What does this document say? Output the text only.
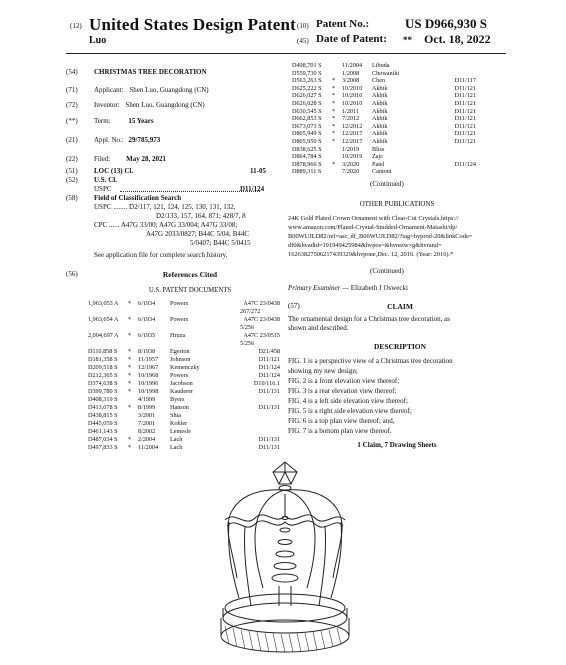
(12) United States Design Patent
Luo
(10) Patent No.:	US D966,930 S
(45) Date of Patent: ** Oct. 18, 2022
(54) CHRISTMAS TREE DECORATION
(71) Applicant: Shen Luo, Guangdong (CN)
(72) Inventor: Shen Luo, Guangdong (CN)
(**) Term:	15 Years
(21) Appl. No.: 29/785,973
(22) Filed: May 28, 2021
(51) LOC (13) Cl.	11-05
(52) U.S. Cl.
USPC	D11/124
(58) Field of Classification Search
USPC ........ D2/117, 121, 124, 125, 130, 131, 132,
D2/133, 157, 164, 871; 428/7, 8
CPC ...... A47G 33/00; A47G 33/004; A47G 33/08;
A47G 2033/0827; B44C 5/04; B44C
5/0407; B44C 5/0415
See application file for complete search history.
(56)	References Cited
U.S. PATENT DOCUMENTS
1,963,053 A * 6/1934 Powers	A47C 23/0438
267/272
1,963,054 A * 6/1934 Powers	A47C 23/0438
5/256
2,004,697 A * 6/1935 Hruza	A47C 23/0515
5/256
D110,858 S * 8/1938 Egerton	D21/458
D181,358 S * 11/1957 Johnson	D11/121
D209,518 S * 12/1967 Kemenczky	D11/124
D212,365 S * 10/1968 Powers	D11/124
D374,638 S * 10/1996 Jacobson	D10/116.1
D399,780 S * 10/1998 Kauderer	D11/131
D408,319 S	4/1999 Byers
D413,078 S * 8/1999 Hanson	D11/131
D438,815 S	3/2001 Shia
D445,059 S	7/2001 Kohler
D461,143 S	8/2002 Lemesle
D487,034 S * 2/2004 Lach	D11/131
D497,833 S * 11/2004 Lach	D11/131
D498,701 S	11/2004 Libuda
D559,730 S	1/2008 Chowaniki
D563,263 S * 3/2008 Chen	D11/117
D625,222 S * 10/2010 Akbik	D11/121
D626,027 S * 10/2010 Akbik	D11/121
D626,028 S * 10/2010 Akbik	D11/121
D630,545 S * 1/2011 Akbik	D11/121
D662,853 S * 7/2012 Akbik	D11/121
D673,073 S * 12/2012 Akbik	D11/121
D805,949 S * 12/2017 Akbik	D11/121
D805,950 S * 12/2017 Akbik	D11/121
D838,625 S	1/2019 Bliss
D864,784 S	10/2019 Zajc
D878,966 S * 3/2020 Patel	D11/124
D889,311 S	7/2020 Cantoni
(Continued)
OTHER PUBLICATIONS
24K Gold Plated Crown Ornament with Clear-Cut Crystals,https://
www.amazon.com/Plated-Crystal-Studded-Ornament-Matashi/dp/
B00WUJLD82/ref=asc_df_B00WUJLD82/?tag=hyprod-20&linkCode=
df0&hvadid=191949425984&hvpos=&hvnetw=g&hvrand=
16263827506217439329&hvpone,Dec. 12, 2016. (Year: 2016).*
(Continued)
Primary Examiner — Elizabeth J Oswecki
(57)	CLAIM
The ornamental design for a Christmas tree decoration, as
shown and described.
DESCRIPTION
FIG. 1 is a perspective view of a Christmas tree decoration
showing my new design;
FIG. 2 is a front elevation view thereof;
FIG. 3 is a rear elevation view thereof;
FIG. 4 is a left side elevation view thereof;
FIG. 5 is a right side elevation view thereof;
FIG. 6 is a top plan view thereof; and,
FIG. 7 is a bottom plan view thereof.
1 Claim, 7 Drawing Sheets
